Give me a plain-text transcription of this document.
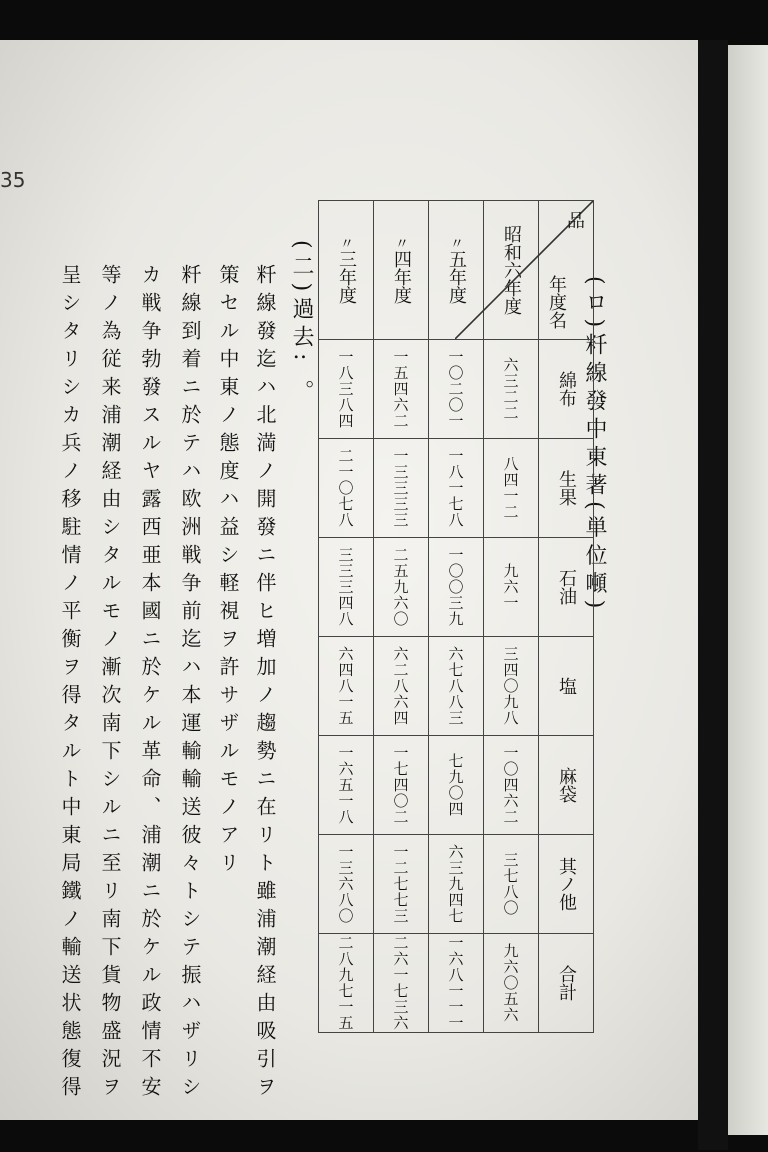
35
(ロ)粁線發中東著(単位噸)
品
年度名	綿布	生果	石油	塩	麻袋	其ノ他	合計
昭和六年度	六三二二	八四一二	九六一	三四〇九八	一〇四六二	三七八〇	九六〇五六
〃五年度	一〇二〇一	一八一七八	一〇〇三九	六七八八三	七九〇四	六三九四七	一六八一一一
〃四年度	一五四六二	一三三三三	二五九六〇	六二八六四	一七四〇二	一二七七三	二六一七三六
〃三年度	一八三八四	二一〇七八	三三三四八	六四八一五	一六五一八	一三六八〇	二八九七一五
(二)過去: 。
粁線發迄ハ北満ノ開發ニ伴ヒ増加ノ趨勢ニ在リト雖浦潮経由吸引ヲ
策セル中東ノ態度ハ益シ軽視ヲ許サザルモノアリ
粁線到着ニ於テハ欧洲戦争前迄ハ本運輸輸送彼々トシテ振ハザリシ
カ戦争勃發スルヤ露西亜本國ニ於ケル革命、浦潮ニ於ケル政情不安
等ノ為従来浦潮経由シタルモノ漸次南下シルニ至リ南下貨物盛況ヲ
呈シタリシカ兵ノ移駐情ノ平衡ヲ得タルト中東局鐵ノ輸送状態復得
